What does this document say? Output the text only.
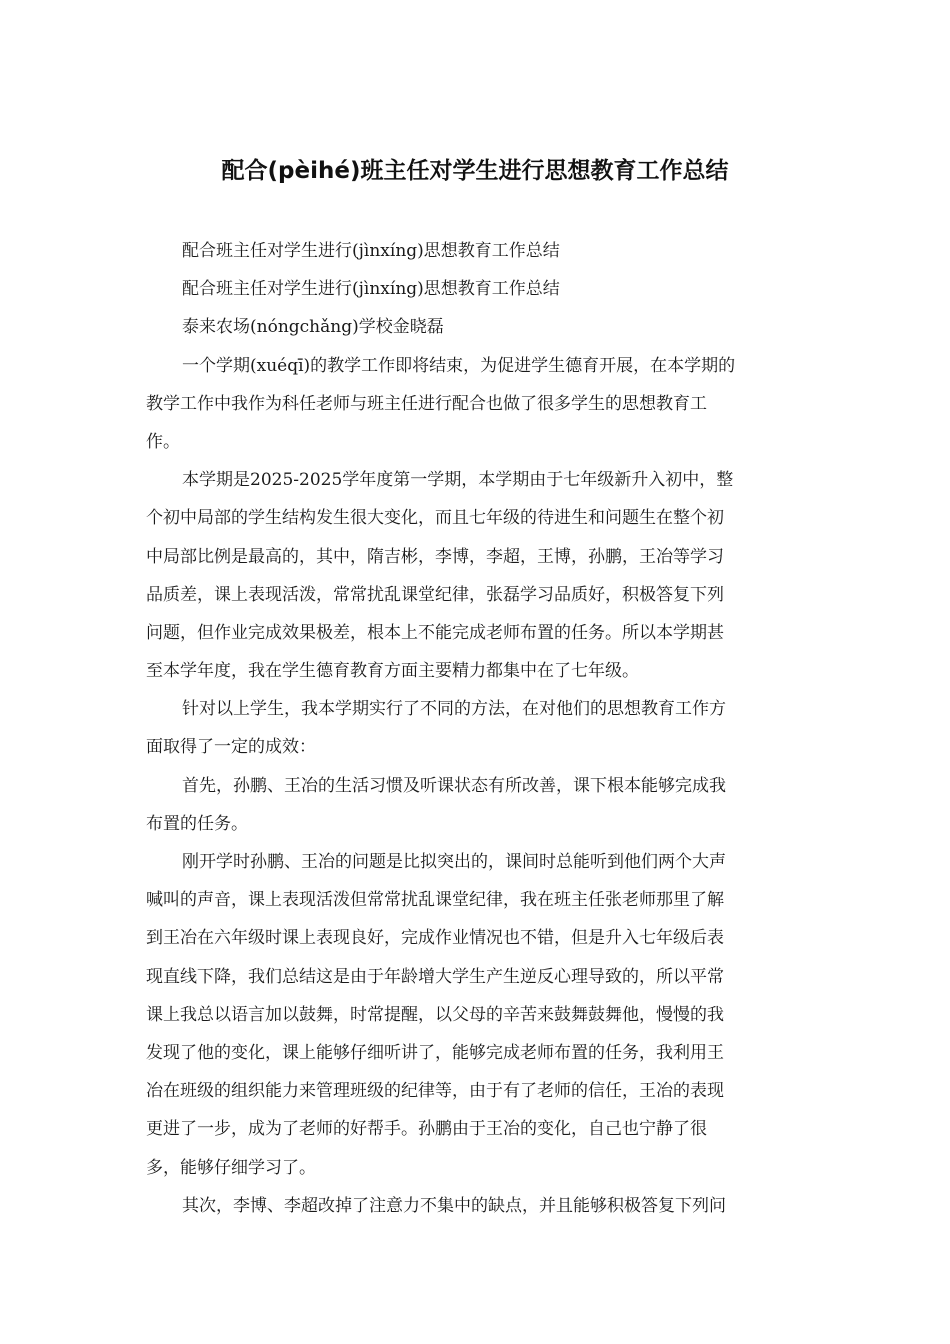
配合(pèihé)班主任对学生进行思想教育工作总结
配合班主任对学生进行(jìnxíng)思想教育工作总结
配合班主任对学生进行(jìnxíng)思想教育工作总结
泰来农场(nóngchǎng)学校金晓磊
一个学期(xuéqī)的教学工作即将结束，为促进学生德育开展，在本学期的
教学工作中我作为科任老师与班主任进行配合也做了很多学生的思想教育工
作。
本学期是2025-2025学年度第一学期，本学期由于七年级新升入初中，整
个初中局部的学生结构发生很大变化，而且七年级的待进生和问题生在整个初
中局部比例是最高的，其中，隋吉彬，李博，李超，王博，孙鹏，王冶等学习
品质差，课上表现活泼，常常扰乱课堂纪律，张磊学习品质好，积极答复下列
问题，但作业完成效果极差，根本上不能完成老师布置的任务。所以本学期甚
至本学年度，我在学生德育教育方面主要精力都集中在了七年级。
针对以上学生，我本学期实行了不同的方法，在对他们的思想教育工作方
面取得了一定的成效：
首先，孙鹏、王冶的生活习惯及听课状态有所改善，课下根本能够完成我
布置的任务。
刚开学时孙鹏、王冶的问题是比拟突出的，课间时总能听到他们两个大声
喊叫的声音，课上表现活泼但常常扰乱课堂纪律，我在班主任张老师那里了解
到王冶在六年级时课上表现良好，完成作业情况也不错，但是升入七年级后表
现直线下降，我们总结这是由于年龄增大学生产生逆反心理导致的，所以平常
课上我总以语言加以鼓舞，时常提醒，以父母的辛苦来鼓舞鼓舞他，慢慢的我
发现了他的变化，课上能够仔细听讲了，能够完成老师布置的任务，我利用王
冶在班级的组织能力来管理班级的纪律等，由于有了老师的信任，王冶的表现
更进了一步，成为了老师的好帮手。孙鹏由于王冶的变化，自己也宁静了很
多，能够仔细学习了。
其次，李博、李超改掉了注意力不集中的缺点，并且能够积极答复下列问
